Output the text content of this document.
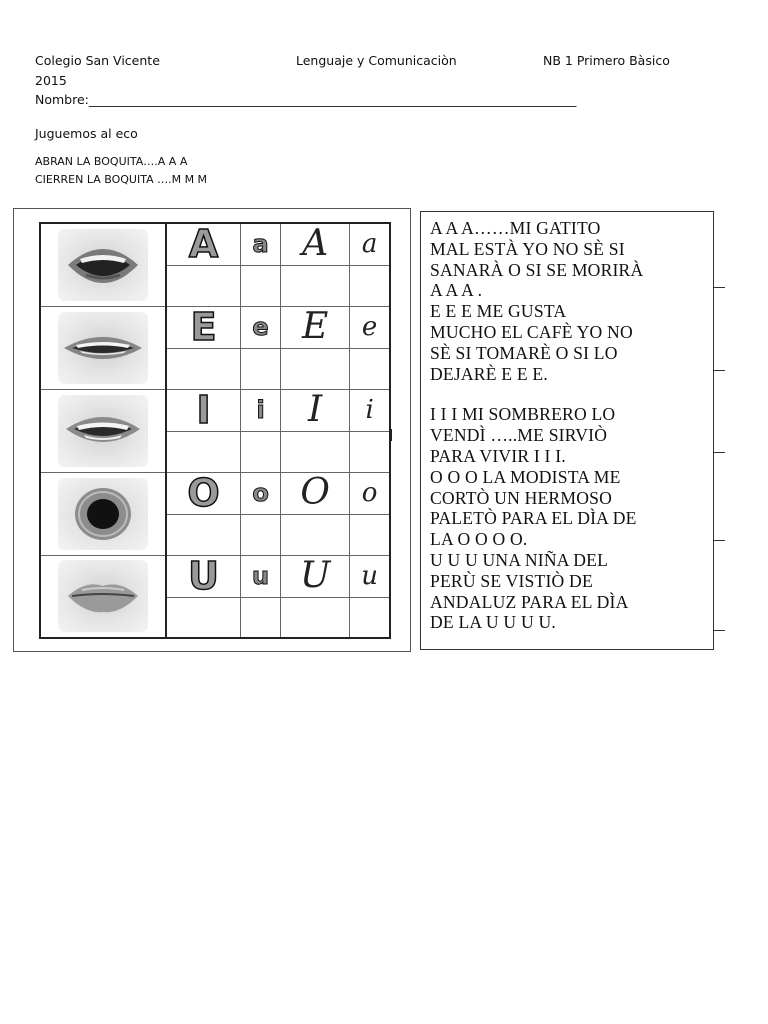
Colegio San Vicente	Lenguaje y Comunicaciòn	NB 1 Primero Bàsico
2015
Nombre:______________________________________________________________________________
Juguemos al eco
ABRAN LA BOQUITA….A A A
CIERREN LA BOQUITA ….M M M
	A	a	A	a

	E	e	E	e

	I	i	I	i

	O	o	O	o

	U	u	U	u

A A A……MI GATITO
MAL ESTÀ YO NO SÈ SI
SANARÀ O SI SE MORIRÀ
A A A .
E E E ME GUSTA
MUCHO EL CAFÈ YO NO
SÈ SI TOMARÈ O SI LO
DEJARÈ E E E.
I I I MI SOMBRERO LO
VENDÌ …..ME SIRVIÒ
PARA VIVIR I I I.
O O O LA MODISTA ME
CORTÒ UN HERMOSO
PALETÒ PARA EL DÌA DE
LA O O O O.
U U U UNA NIÑA DEL
PERÙ SE VISTIÒ DE
ANDALUZ PARA EL DÌA
DE LA U U U U.
